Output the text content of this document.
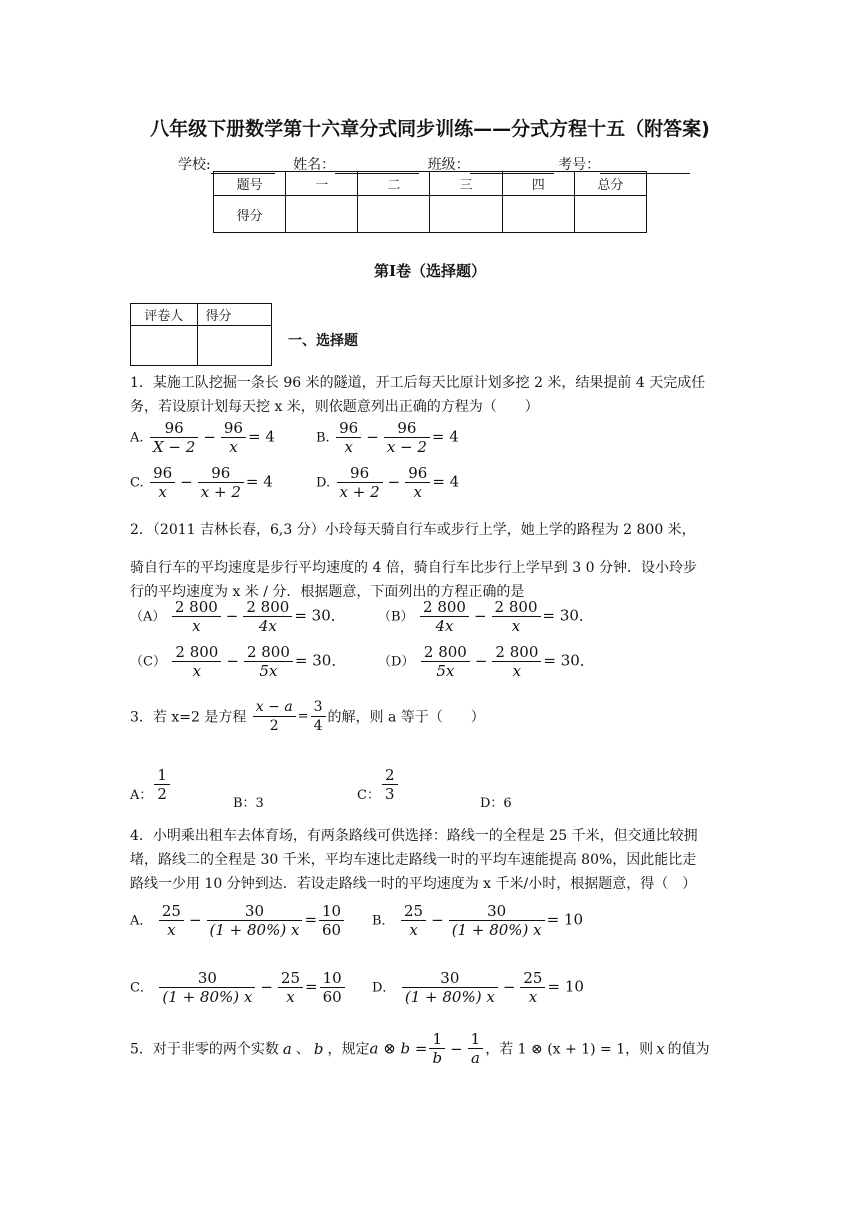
八年级下册数学第十六章分式同步训练——分式方程十五（附答案)
学校:	姓名：	班级：	考号：
题号	一	二	三	四	总分
得分					
第Ⅰ卷（选择题）
评卷人	得分

一、选择题
1．某施工队挖掘一条长 96 米的隧道，开工后每天比原计划多挖 2 米，结果提前 4 天完成任
务，若设原计划每天挖 x 米，则依题意列出正确的方程为（　　）
A. $\frac{96}{X - 2} - \frac{96}{x} = 4$	B. $\frac{96}{x} - \frac{96}{x - 2} = 4$
C. $\frac{96}{x} - \frac{96}{x + 2} = 4$	D. $\frac{96}{x + 2} - \frac{96}{x} = 4$
2．（2011 吉林长春，6,3 分）小玲每天骑自行车或步行上学，她上学的路程为 2 800 米，
骑自行车的平均速度是步行平均速度的 4 倍，骑自行车比步行上学早到 3 0 分钟．设小玲步
行的平均速度为 x 米 / 分．根据题意，下面列出的方程正确的是
$(A) \frac{2 800}{x} - \frac{2 800}{4x} = 30$． $(B) \frac{2 800}{4x} - \frac{2 800}{x} = 30$．
$(C) \frac{2 800}{x} - \frac{2 800}{5x} = 30$． $(D) \frac{2 800}{5x} - \frac{2 800}{x} = 30$．
3．若 x=2 是方程 $\frac{x - a}{2} = \frac{3}{4}$ 的解，则 a 等于（　　）
A： $\frac{1}{2}$
B：3
C： $\frac{2}{3}$
D：6
4．小明乘出租车去体育场，有两条路线可供选择：路线一的全程是 25 千米，但交通比较拥
堵，路线二的全程是 30 千米，平均车速比走路线一时的平均车速能提高 80%，因此能比走
路线一少用 10 分钟到达．若设走路线一时的平均速度为 x 千米/小时，根据题意，得（　）
A． $\frac{25}{x} - \frac{30}{(1 + 80\%) x} = \frac{10}{60}$ B． $\frac{25}{x} - \frac{30}{(1 + 80\%) x} = 10$
C． $\frac{30}{(1 + 80\%) x} - \frac{25}{x} = \frac{10}{60}$ D． $\frac{30}{(1 + 80\%) x} - \frac{25}{x} = 10$
5．对于非零的两个实数 a 、 b ，规定a ⊗ $b = \frac{1}{b} - \frac{1}{a}$ ，若 1 ⊗ (x + 1) = 1，则 x 的值为
